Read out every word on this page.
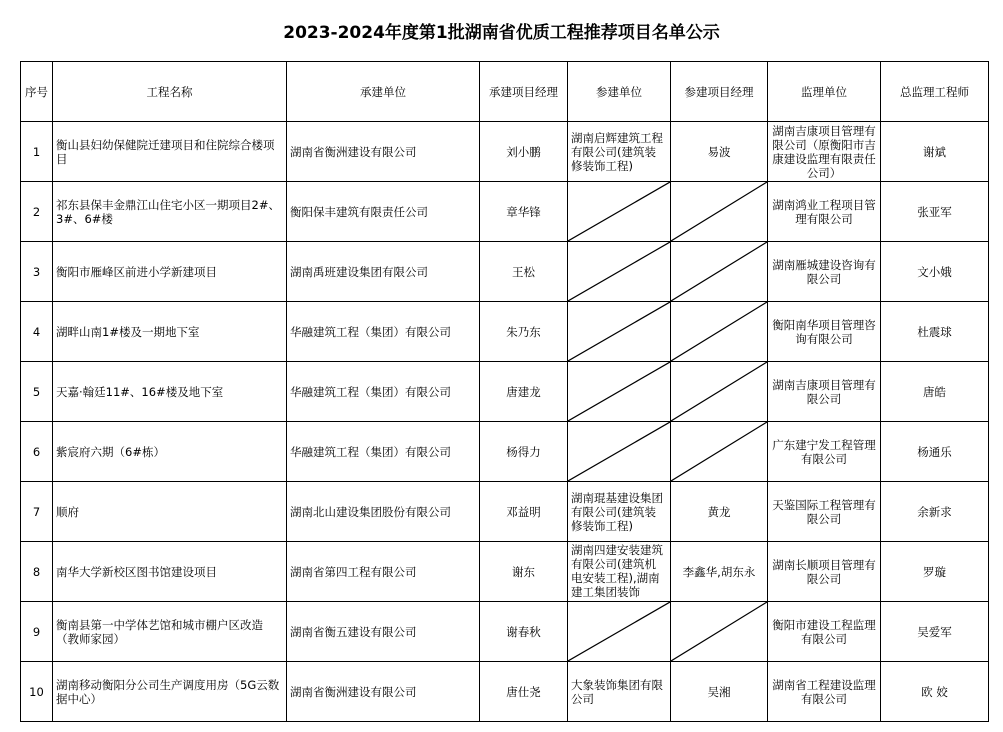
2023-2024年度第1批湖南省优质工程推荐项目名单公示
序号	工程名称	承建单位	承建项目经理	参建单位	参建项目经理	监理单位	总监理工程师
1	衡山县妇幼保健院迁建项目和住院综合楼项目	湖南省衡洲建设有限公司	刘小鹏	湖南启辉建筑工程有限公司(建筑装修装饰工程)	易波	湖南吉康项目管理有限公司（原衡阳市吉康建设监理有限责任公司）	谢斌
2	祁东县保丰金鼎江山住宅小区一期项目2#、3#、6#楼	衡阳保丰建筑有限责任公司	章华锋			湖南鸿业工程项目管理有限公司	张亚军
3	衡阳市雁峰区前进小学新建项目	湖南禹班建设集团有限公司	王松			湖南雁城建设咨询有限公司	文小娥
4	湖畔山南1#楼及一期地下室	华融建筑工程（集团）有限公司	朱乃东			衡阳南华项目管理咨询有限公司	杜震球
5	天嘉·翰廷11#、16#楼及地下室	华融建筑工程（集团）有限公司	唐建龙			湖南吉康项目管理有限公司	唐皓
6	紫宸府六期（6#栋）	华融建筑工程（集团）有限公司	杨得力			广东建宁发工程管理有限公司	杨通乐
7	顺府	湖南北山建设集团股份有限公司	邓益明	湖南琨基建设集团有限公司(建筑装修装饰工程)	黄龙	天鉴国际工程管理有限公司	余新求
8	南华大学新校区图书馆建设项目	湖南省第四工程有限公司	谢东	湖南四建安装建筑有限公司(建筑机电安装工程),湖南建工集团装饰	李鑫华,胡东永	湖南长顺项目管理有限公司	罗璇
9	衡南县第一中学体艺馆和城市棚户区改造（教师家园）	湖南省衡五建设有限公司	谢春秋			衡阳市建设工程监理有限公司	吴爱军
10	湖南移动衡阳分公司生产调度用房（5G云数据中心）	湖南省衡洲建设有限公司	唐仕尧	大象装饰集团有限公司	吴湘	湖南省工程建设监理有限公司	欧 姣
